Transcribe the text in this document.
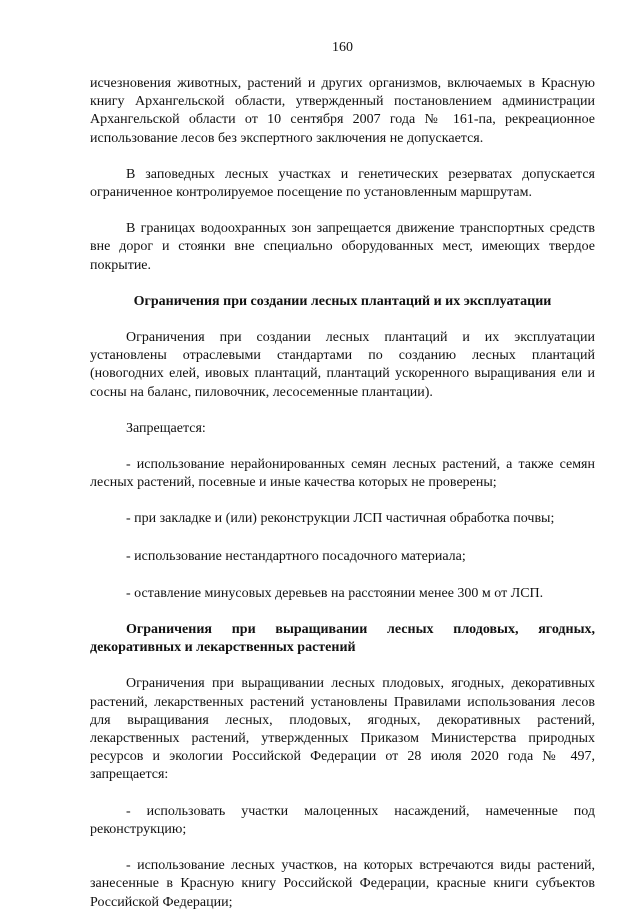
160

исчезновения животных, растений и других организмов, включаемых в Красную книгу Архангельской области, утвержденный постановлением администрации Архангельской области от 10 сентября 2007 года № 161-па, рекреационное использование лесов без экспертного заключения не допускается.

В заповедных лесных участках и генетических резерватах допускается ограниченное контролируемое посещение по установленным маршрутам.

В границах водоохранных зон запрещается движение транспортных средств вне дорог и стоянки вне специально оборудованных мест, имеющих твердое покрытие.

Ограничения при создании лесных плантаций и их эксплуатации

Ограничения при создании лесных плантаций и их эксплуатации установлены отраслевыми стандартами по созданию лесных плантаций (новогодних елей, ивовых плантаций, плантаций ускоренного выращивания ели и сосны на баланс, пиловочник, лесосеменные плантации).

Запрещается:

- использование нерайонированных семян лесных растений, а также семян лесных растений, посевные и иные качества которых не проверены;

- при закладке и (или) реконструкции ЛСП частичная обработка почвы;

- использование нестандартного посадочного материала;

- оставление минусовых деревьев на расстоянии менее 300 м от ЛСП.

Ограничения при выращивании лесных плодовых, ягодных, декоративных и лекарственных растений

Ограничения при выращивании лесных плодовых, ягодных, декоративных растений, лекарственных растений установлены Правилами использования лесов для выращивания лесных, плодовых, ягодных, декоративных растений, лекарственных растений, утвержденных Приказом Министерства природных ресурсов и экологии Российской Федерации от 28 июля 2020 года № 497, запрещается:

- использовать участки малоценных насаждений, намеченные под реконструкцию;

- использование лесных участков, на которых встречаются виды растений, занесенные в Красную книгу Российской Федерации, красные книги субъектов Российской Федерации;
